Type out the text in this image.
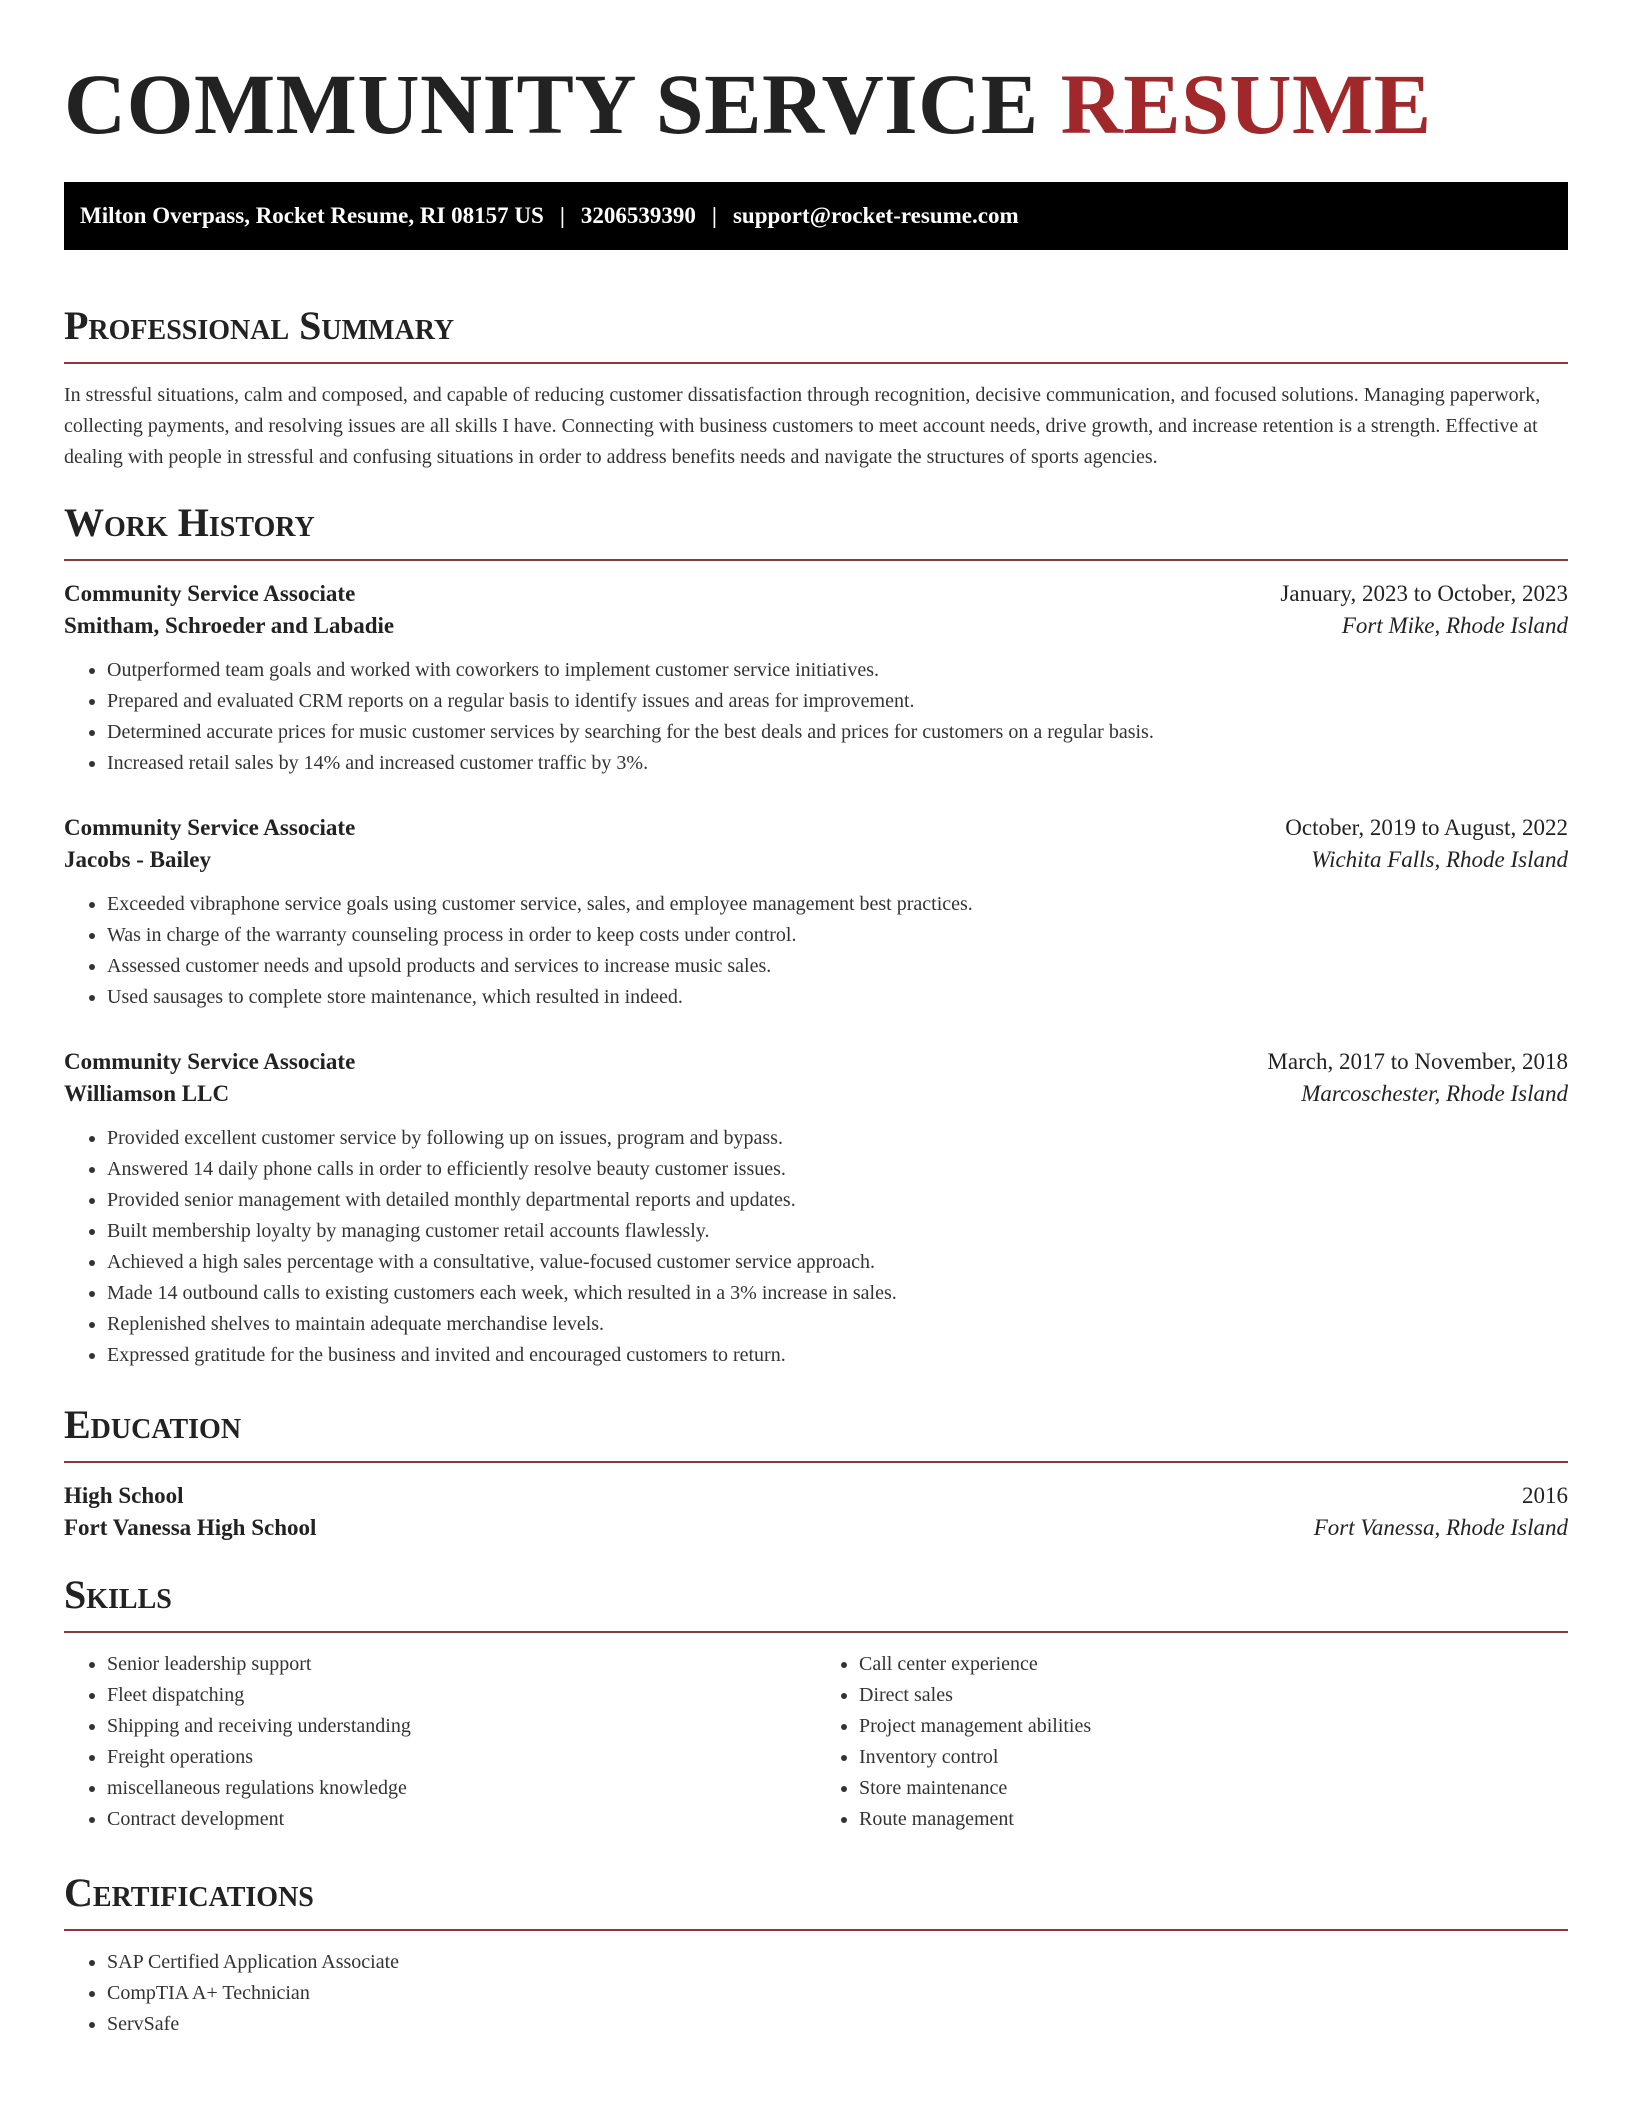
COMMUNITY SERVICE RESUME
Milton Overpass, Rocket Resume, RI 08157 US | 3206539390 | support@rocket-resume.com
Professional Summary

In stressful situations, calm and composed, and capable of reducing customer dissatisfaction through recognition, decisive communication, and focused solutions. Managing paperwork, collecting payments, and resolving issues are all skills I have. Connecting with business customers to meet account needs, drive growth, and increase retention is a strength. Effective at dealing with people in stressful and confusing situations in order to address benefits needs and navigate the structures of sports agencies.

Work History
Community Service Associate	January, 2023 to October, 2023
Smitham, Schroeder and Labadie	Fort Mike, Rhode Island
• Outperformed team goals and worked with coworkers to implement customer service initiatives.
• Prepared and evaluated CRM reports on a regular basis to identify issues and areas for improvement.
• Determined accurate prices for music customer services by searching for the best deals and prices for customers on a regular basis.
• Increased retail sales by 14% and increased customer traffic by 3%.
Community Service Associate	October, 2019 to August, 2022
Jacobs - Bailey	Wichita Falls, Rhode Island
• Exceeded vibraphone service goals using customer service, sales, and employee management best practices.
• Was in charge of the warranty counseling process in order to keep costs under control.
• Assessed customer needs and upsold products and services to increase music sales.
• Used sausages to complete store maintenance, which resulted in indeed.
Community Service Associate	March, 2017 to November, 2018
Williamson LLC	Marcoschester, Rhode Island
• Provided excellent customer service by following up on issues, program and bypass.
• Answered 14 daily phone calls in order to efficiently resolve beauty customer issues.
• Provided senior management with detailed monthly departmental reports and updates.
• Built membership loyalty by managing customer retail accounts flawlessly.
• Achieved a high sales percentage with a consultative, value-focused customer service approach.
• Made 14 outbound calls to existing customers each week, which resulted in a 3% increase in sales.
• Replenished shelves to maintain adequate merchandise levels.
• Expressed gratitude for the business and invited and encouraged customers to return.
Education
High School	2016
Fort Vanessa High School	Fort Vanessa, Rhode Island
Skills
• Senior leadership support
• Fleet dispatching
• Shipping and receiving understanding
• Freight operations
• miscellaneous regulations knowledge
• Contract development
• Call center experience
• Direct sales
• Project management abilities
• Inventory control
• Store maintenance
• Route management
Certifications
• SAP Certified Application Associate
• CompTIA A+ Technician
• ServSafe
